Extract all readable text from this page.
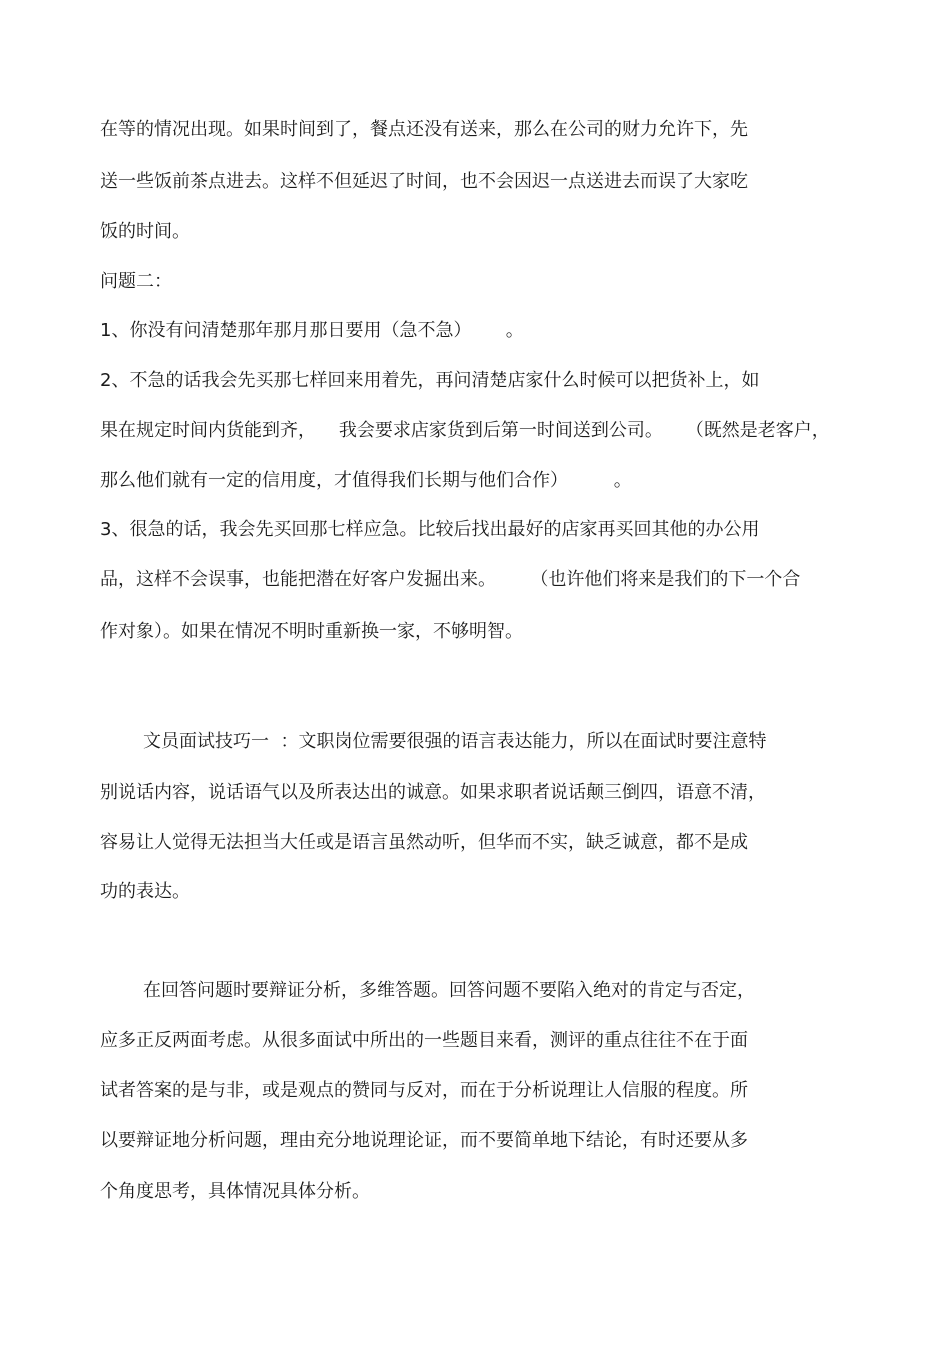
在等的情况出现。如果时间到了，餐点还没有送来，那么在公司的财力允许下，先
送一些饭前茶点进去。这样不但延迟了时间，也不会因迟一点送进去而误了大家吃
饭的时间。
问题二：
1、你没有问清楚那年那月那日要用（急不急）      。
2、不急的话我会先买那七样回来用着先，再问清楚店家什么时候可以把货补上，如
果在规定时间内货能到齐，    我会要求店家货到后第一时间送到公司。    （既然是老客户，
那么他们就有一定的信用度，才值得我们长期与他们合作）        。
3、很急的话，我会先买回那七样应急。比较后找出最好的店家再买回其他的办公用
品，这样不会误事，也能把潜在好客户发掘出来。      （也许他们将来是我们的下一个合
作对象）。如果在情况不明时重新换一家，不够明智。
文员面试技巧一  ：文职岗位需要很强的语言表达能力，所以在面试时要注意特
别说话内容，说话语气以及所表达出的诚意。如果求职者说话颠三倒四，语意不清，
容易让人觉得无法担当大任或是语言虽然动听，但华而不实，缺乏诚意，都不是成
功的表达。
在回答问题时要辩证分析，多维答题。回答问题不要陷入绝对的肯定与否定，
应多正反两面考虑。从很多面试中所出的一些题目来看，测评的重点往往不在于面
试者答案的是与非，或是观点的赞同与反对，而在于分析说理让人信服的程度。所
以要辩证地分析问题，理由充分地说理论证，而不要简单地下结论，有时还要从多
个角度思考，具体情况具体分析。
